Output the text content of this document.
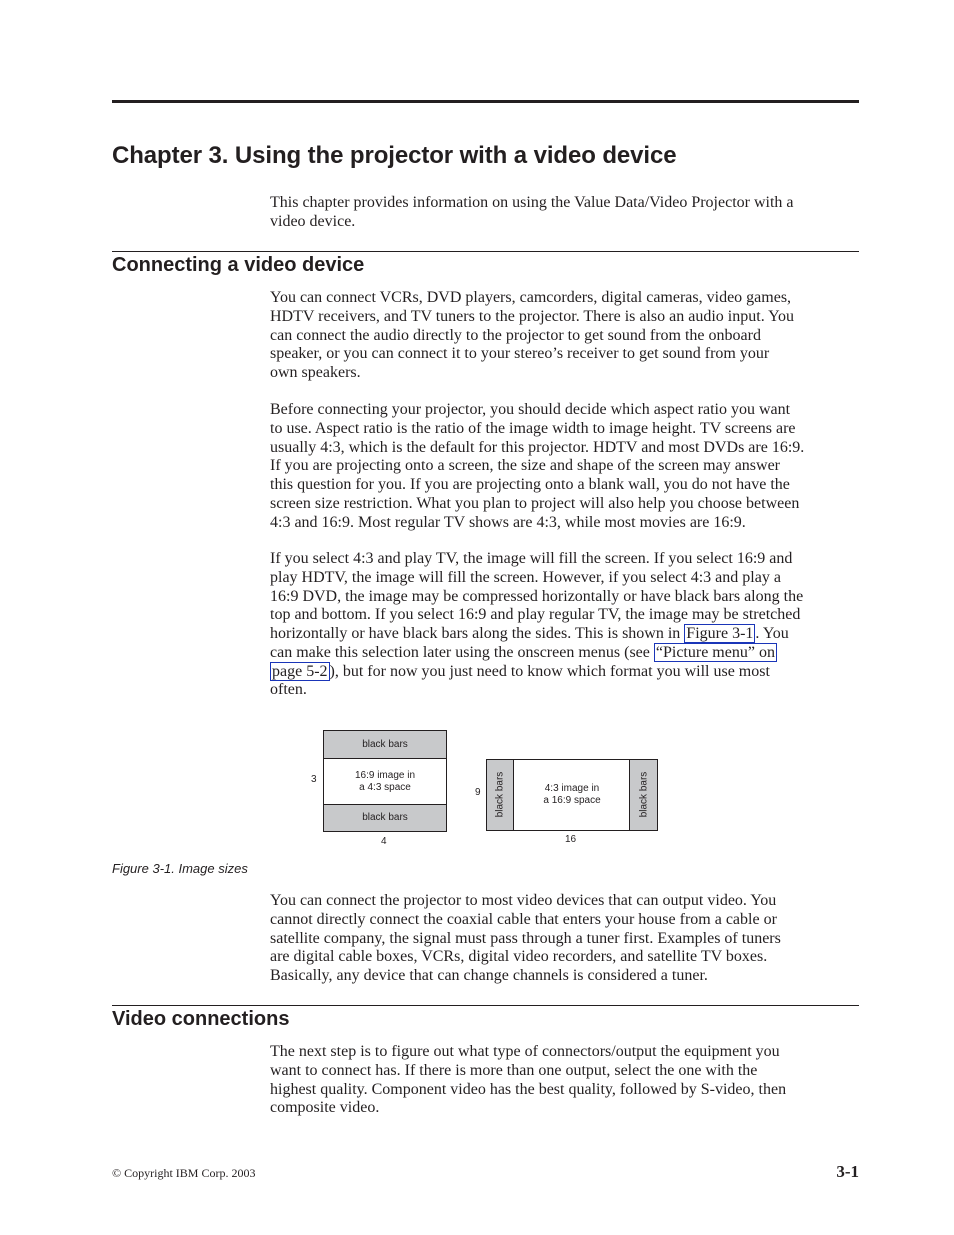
Chapter 3. Using the projector with a video device

This chapter provides information on using the Value Data/Video Projector with a
video device.

Connecting a video device

You can connect VCRs, DVD players, camcorders, digital cameras, video games,
HDTV receivers, and TV tuners to the projector. There is also an audio input. You
can connect the audio directly to the projector to get sound from the onboard
speaker, or you can connect it to your stereo’s receiver to get sound from your
own speakers.

Before connecting your projector, you should decide which aspect ratio you want
to use. Aspect ratio is the ratio of the image width to image height. TV screens are
usually 4:3, which is the default for this projector. HDTV and most DVDs are 16:9.
If you are projecting onto a screen, the size and shape of the screen may answer
this question for you. If you are projecting onto a blank wall, you do not have the
screen size restriction. What you plan to project will also help you choose between
4:3 and 16:9. Most regular TV shows are 4:3, while most movies are 16:9.

If you select 4:3 and play TV, the image will fill the screen. If you select 16:9 and
play HDTV, the image will fill the screen. However, if you select 4:3 and play a
16:9 DVD, the image may be compressed horizontally or have black bars along the
top and bottom. If you select 16:9 and play regular TV, the image may be stretched
horizontally or have black bars along the sides. This is shown in Figure 3-1 . You
can make this selection later using the onscreen menus (see “Picture menu” on
page 5-2 ), but for now you just need to know which format you will use most
often.

black bars
16:9 image in
a 4:3 space
black bars
3
4
black bars	4:3 image in
a 16:9 space	black bars
9
16

Figure 3-1. Image sizes

You can connect the projector to most video devices that can output video. You
cannot directly connect the coaxial cable that enters your house from a cable or
satellite company, the signal must pass through a tuner first. Examples of tuners
are digital cable boxes, VCRs, digital video recorders, and satellite TV boxes.
Basically, any device that can change channels is considered a tuner.

Video connections

The next step is to figure out what type of connectors/output the equipment you
want to connect has. If there is more than one output, select the one with the
highest quality. Component video has the best quality, followed by S-video, then
composite video.

© Copyright IBM Corp. 2003	3-1
